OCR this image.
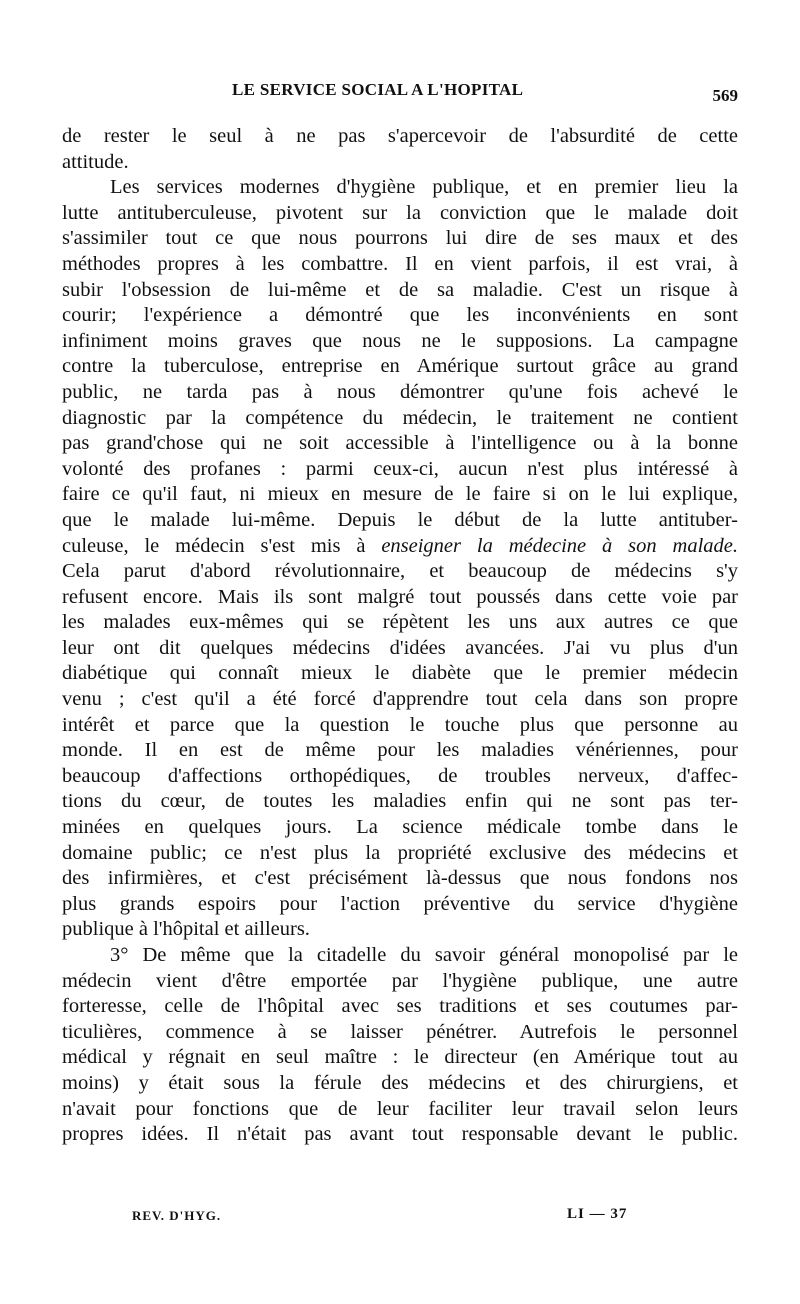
LE SERVICE SOCIAL A L'HOPITAL	569
de rester le seul à ne pas s'apercevoir de l'absurdité de cette
attitude.
Les services modernes d'hygiène publique, et en premier lieu la
lutte antituberculeuse, pivotent sur la conviction que le malade doit
s'assimiler tout ce que nous pourrons lui dire de ses maux et des
méthodes propres à les combattre. Il en vient parfois, il est vrai, à
subir l'obsession de lui-même et de sa maladie. C'est un risque à
courir; l'expérience a démontré que les inconvénients en sont
infiniment moins graves que nous ne le supposions. La campagne
contre la tuberculose, entreprise en Amérique surtout grâce au grand
public, ne tarda pas à nous démontrer qu'une fois achevé le
diagnostic par la compétence du médecin, le traitement ne contient
pas grand'chose qui ne soit accessible à l'intelligence ou à la bonne
volonté des profanes : parmi ceux-ci, aucun n'est plus intéressé à
faire ce qu'il faut, ni mieux en mesure de le faire si on le lui explique,
que le malade lui-même. Depuis le début de la lutte antituber-
culeuse, le médecin s'est mis à enseigner la médecine à son malade.
Cela parut d'abord révolutionnaire, et beaucoup de médecins s'y
refusent encore. Mais ils sont malgré tout poussés dans cette voie par
les malades eux-mêmes qui se répètent les uns aux autres ce que
leur ont dit quelques médecins d'idées avancées. J'ai vu plus d'un
diabétique qui connaît mieux le diabète que le premier médecin
venu ; c'est qu'il a été forcé d'apprendre tout cela dans son propre
intérêt et parce que la question le touche plus que personne au
monde. Il en est de même pour les maladies vénériennes, pour
beaucoup d'affections orthopédiques, de troubles nerveux, d'affec-
tions du cœur, de toutes les maladies enfin qui ne sont pas ter-
minées en quelques jours. La science médicale tombe dans le
domaine public; ce n'est plus la propriété exclusive des médecins et
des infirmières, et c'est précisément là-dessus que nous fondons nos
plus grands espoirs pour l'action préventive du service d'hygiène
publique à l'hôpital et ailleurs.
3° De même que la citadelle du savoir général monopolisé par le
médecin vient d'être emportée par l'hygiène publique, une autre
forteresse, celle de l'hôpital avec ses traditions et ses coutumes par-
ticulières, commence à se laisser pénétrer. Autrefois le personnel
médical y régnait en seul maître : le directeur (en Amérique tout au
moins) y était sous la férule des médecins et des chirurgiens, et
n'avait pour fonctions que de leur faciliter leur travail selon leurs
propres idées. Il n'était pas avant tout responsable devant le public.
REV. D'HYG.	LI — 37
